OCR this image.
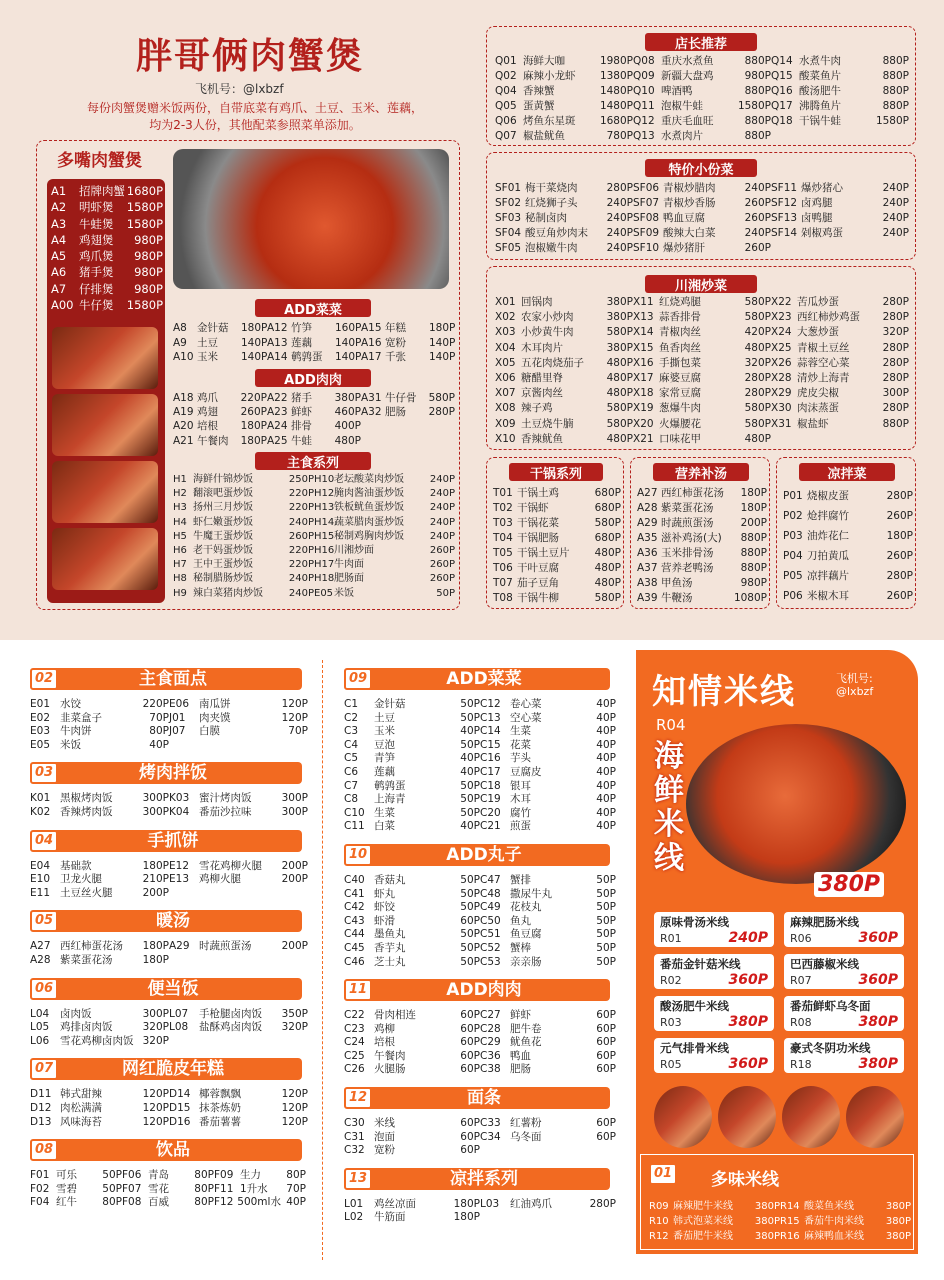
胖哥俩肉蟹煲
飞机号：@lxbzf
每份肉蟹煲赠米饭两份，自带底菜有鸡爪、土豆、玉米、莲藕，
均为2-3人份，其他配菜参照菜单添加。
多嘴肉蟹煲
A1	招牌肉蟹 1680P
A2	明虾煲	1580P
A3	牛蛙煲	1580P
A4	鸡翅煲	980P
A5	鸡爪煲	980P
A6	猪手煲	980P
A7	仔排煲	980P
A00 牛仔煲	1580P	ADD菜菜
A8 金针菇	180P A12 竹笋	160P A15 年糕	180P
A9 土豆	140P A13 莲藕	140P A16 宽粉	140P
A10 玉米	140P A14 鹌鹑蛋	140P A17 千张	140P
ADD肉肉
A18 鸡爪	220P A22 猪手	380P A31 牛仔骨	580P
A19 鸡翅	260P A23 鲜虾	460P A32 肥肠	280P
A20 培根	180P A24 排骨	400P
A21 午餐肉	180P A25 牛蛙	480P
主食系列
H1 海鲜什锦炒饭	250P H10 老坛酸菜肉炒饭	240P
H2 翻滚吧蛋炒饭	220P H12 腌肉酱油蛋炒饭	240P
H3 扬州三月炒饭	220P H13 铁板鱿鱼蛋炒饭	240P
H4 虾仁嫩蛋炒饭	240P H14 蔬菜腊肉蛋炒饭	240P
H5 牛魔王蛋炒饭	260P H15 秘制鸡胸肉炒饭	240P
H6 老干妈蛋炒饭	220P H16 川湘炒面	260P
H7 王中王蛋炒饭	220P H17 牛肉面	260P
H8 秘制腊肠炒饭	240P H18 肥肠面	260P
H9 辣白菜猪肉炒饭	240P E05 米饭	50P
店长推荐
Q01 海鲜大咖	1980P Q08 重庆水煮鱼	880P Q14 水煮牛肉	880P
Q02 麻辣小龙虾	1380P Q09 新疆大盘鸡	980P Q15 酸菜鱼片	880P
Q04 香辣蟹	1480P Q10 啤酒鸭	880P Q16 酸汤肥牛	880P
Q05 蛋黄蟹	1480P Q11 泡椒牛蛙	1580P Q17 沸腾鱼片	880P
Q06 烤鱼东星斑	1680P Q12 重庆毛血旺	880P Q18 干锅牛蛙	1580P
Q07 椒盐鱿鱼	780P Q13 水煮肉片	880P
特价小份菜
SF01 梅干菜烧肉	280P SF06 青椒炒腊肉	240P SF11 爆炒猪心	240P
SF02 红烧狮子头	240P SF07 青椒炒香肠	260P SF12 卤鸡腿	240P
SF03 秘制卤肉	240P SF08 鸭血豆腐	260P SF13 卤鸭腿	240P
SF04 酸豆角炒肉末	240P SF09 酸辣大白菜	240P SF14 剁椒鸡蛋	240P
SF05 泡椒嫩牛肉	240P SF10 爆炒猪肝	260P
川湘炒菜
X01 回锅肉	380P X11 红烧鸡腿	580P X22 苦瓜炒蛋	280P
X02 农家小炒肉	380P X13 蒜香排骨	580P X23 西红柿炒鸡蛋	280P
X03 小炒黄牛肉	580P X14 青椒肉丝	420P X24 大葱炒蛋	320P
X04 木耳肉片	380P X15 鱼香肉丝	480P X25 青椒土豆丝	280P
X05 五花肉烧茄子	480P X16 手撕包菜	320P X26 蒜蓉空心菜	280P
X06 糖醋里脊	480P X17 麻婆豆腐	280P X28 清炒上海青	280P
X07 京酱肉丝	480P X18 家常豆腐	280P X29 虎皮尖椒	300P
X08 辣子鸡	580P X19 葱爆牛肉	580P X30 肉沫蒸蛋	280P
X09 土豆烧牛腩	580P X20 火爆腰花	580P X31 椒盐虾	880P
X10 香辣鱿鱼	480P X21 口味花甲	480P
干锅系列
T01 干锅土鸡	680P
T02 干锅虾	680P
T03 干锅花菜	580P
T04 干锅肥肠	680P
T05 干锅土豆片	480P
T06 干叶豆腐	480P
T07 茄子豆角	480P
T08 干锅牛柳	580P
营养补汤
A27 西红柿蛋花汤	180P
A28 紫菜蛋花汤	180P
A29 时蔬煎蛋汤	200P
A35 滋补鸡汤(大)	880P
A36 玉米排骨汤	880P
A37 营养老鸭汤	880P
A38 甲鱼汤	980P
A39 牛鞭汤	1080P
凉拌菜
P01 烧椒皮蛋	280P
P02 炝拌腐竹	260P
P03 油炸花仁	180P
P04 刀拍黄瓜	260P
P05 凉拌藕片	280P
P06 米椒木耳	260P
主食面点
02
E01 水饺	220P E06 南瓜饼	120P
E02 韭菜盒子	70P J01	肉夹馍	120P
E03 牛肉饼	80P J07	白膜	70P
E05 米饭	40P
烤肉拌饭
03
K01 黑椒烤肉饭	300P K03 蜜汁烤肉饭	300P
K02 香辣烤肉饭	300P K04 番茄沙拉味	300P
手抓饼
04
E04 基础款	180P E12 雪花鸡柳火腿	200P
E10 卫龙火腿	210P E13 鸡柳火腿	200P
E11 土豆丝火腿	200P
暖汤
05
A27 西红柿蛋花汤	180P A29 时蔬煎蛋汤	200P
A28 紫菜蛋花汤	180P
便当饭
06
L04	卤肉饭	300P L07	手枪腿卤肉饭	350P
L05	鸡排卤肉饭	320P L08	盐酥鸡卤肉饭	320P
L06	雪花鸡柳卤肉饭 320P
网红脆皮年糕
07
D11 韩式甜辣	120P D14 椰蓉飘飘	120P
D12 肉松满满	120P D15 抹茶炼奶	120P
D13 风味海苔	120P D16 番茄薯薯	120P
饮品
08
F01 可乐	50P F06 青岛	80P F09 生力	80P
F02 雪碧	50P F07 雪花	80P F11 1升水	70P
F04 红牛	80P F08 百威	80P F12 500ml水 40P
ADD菜菜
09
C1	金针菇	50P C12 卷心菜	40P
C2	土豆	50P C13 空心菜	40P
C3	玉米	40P C14 生菜	40P
C4	豆泡	50P C15 花菜	40P
C5	青笋	40P C16 芋头	40P
C6	莲藕	40P C17 豆腐皮	40P
C7	鹌鹑蛋	50P C18 银耳	40P
C8	上海青	50P C19 木耳	40P
C10 生菜	50P C20 腐竹	40P
C11 白菜	40P C21 煎蛋	40P
ADD丸子
10
C40 香菇丸	50P C47 蟹排	50P
C41 虾丸	50P C48 撒尿牛丸	50P
C42 虾饺	50P C49 花枝丸	50P
C43 虾滑	60P C50 鱼丸	50P
C44 墨鱼丸	50P C51 鱼豆腐	50P
C45 香芋丸	50P C52 蟹棒	50P
C46 芝士丸	50P C53 亲亲肠	50P
ADD肉肉
11
C22 骨肉相连	60P C27 鲜虾	60P
C23 鸡柳	60P C28 肥牛卷	60P
C24 培根	60P C29 鱿鱼花	60P
C25 午餐肉	60P C36 鸭血	60P
C26 火腿肠	60P C38 肥肠	60P
面条
12
C30 米线	60P C33 红薯粉	60P
C31 泡面	60P C34 乌冬面	60P
C32 宽粉	60P
凉拌系列
13
L01	鸡丝凉面	180P L03	红油鸡爪	280P
L02	牛筋面	180P
知情米线	飞机号:
@lxbzf
R04
海鲜米线
380P
原味骨汤米线
R01	240P
麻辣肥肠米线
R06	360P
番茄金针菇米线
R02	360P
巴西藤椒米线
R07	360P
酸汤肥牛米线
R03	380P
番茄鲜虾乌冬面
R08	380P
元气排骨米线
R05	360P
豪式冬阴功米线
R18	380P
01 多味米线
R09 麻辣肥牛米线	380P R14 酸菜鱼米线	380P
R10 韩式泡菜米线	380P R15 番茄牛肉米线	380P
R12 番茄肥牛米线	380P R16 麻辣鸭血米线	380P
